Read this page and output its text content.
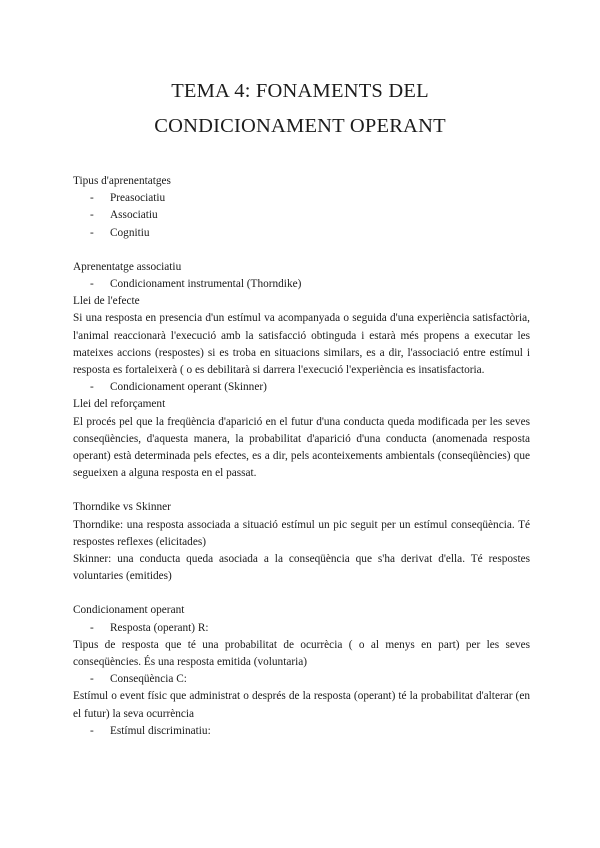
TEMA 4: FONAMENTS DEL
CONDICIONAMENT OPERANT

Tipus d'aprenentatges

-	Preasociatiu
-	Associatiu
-	Cognitiu

Aprenentatge associatiu

-	Condicionament instrumental (Thorndike)

Llei de l'efecte

Si una resposta en presencia d'un estímul va acompanyada o seguida d'una experiència satisfactòria, l'animal reaccionarà l'execució amb la satisfacció obtinguda i estarà més propens a executar les mateixes accions (respostes) si es troba en situacions similars, es a dir, l'associació entre estímul i resposta es fortaleixerà ( o es debilitarà si darrera l'execució l'experiència es insatisfactoria.

-	Condicionament operant (Skinner)

Llei del reforçament

El procés pel que la freqüència d'aparició en el futur d'una conducta queda modificada per les seves conseqüències, d'aquesta manera, la probabilitat d'aparició d'una conducta (anomenada resposta operant) està determinada pels efectes, es a dir, pels aconteixements ambientals (conseqüències) que segueixen a alguna resposta en el passat.

Thorndike vs Skinner

Thorndike: una resposta associada a situació estímul un pic seguit per un estímul conseqüència. Té respostes reflexes (elicitades)

Skinner: una conducta queda asociada a la conseqüència que s'ha derivat d'ella. Té respostes voluntaries (emitides)

Condicionament operant

-	Resposta (operant) R:

Tipus de resposta que té una probabilitat de ocurrècia ( o al menys en part) per les seves conseqüències. És una resposta emitida (voluntaria)

-	Conseqüència C:

Estímul o event físic que administrat o després de la resposta (operant) té la probabilitat d'alterar (en el futur) la seva ocurrència

-	Estímul discriminatiu:
